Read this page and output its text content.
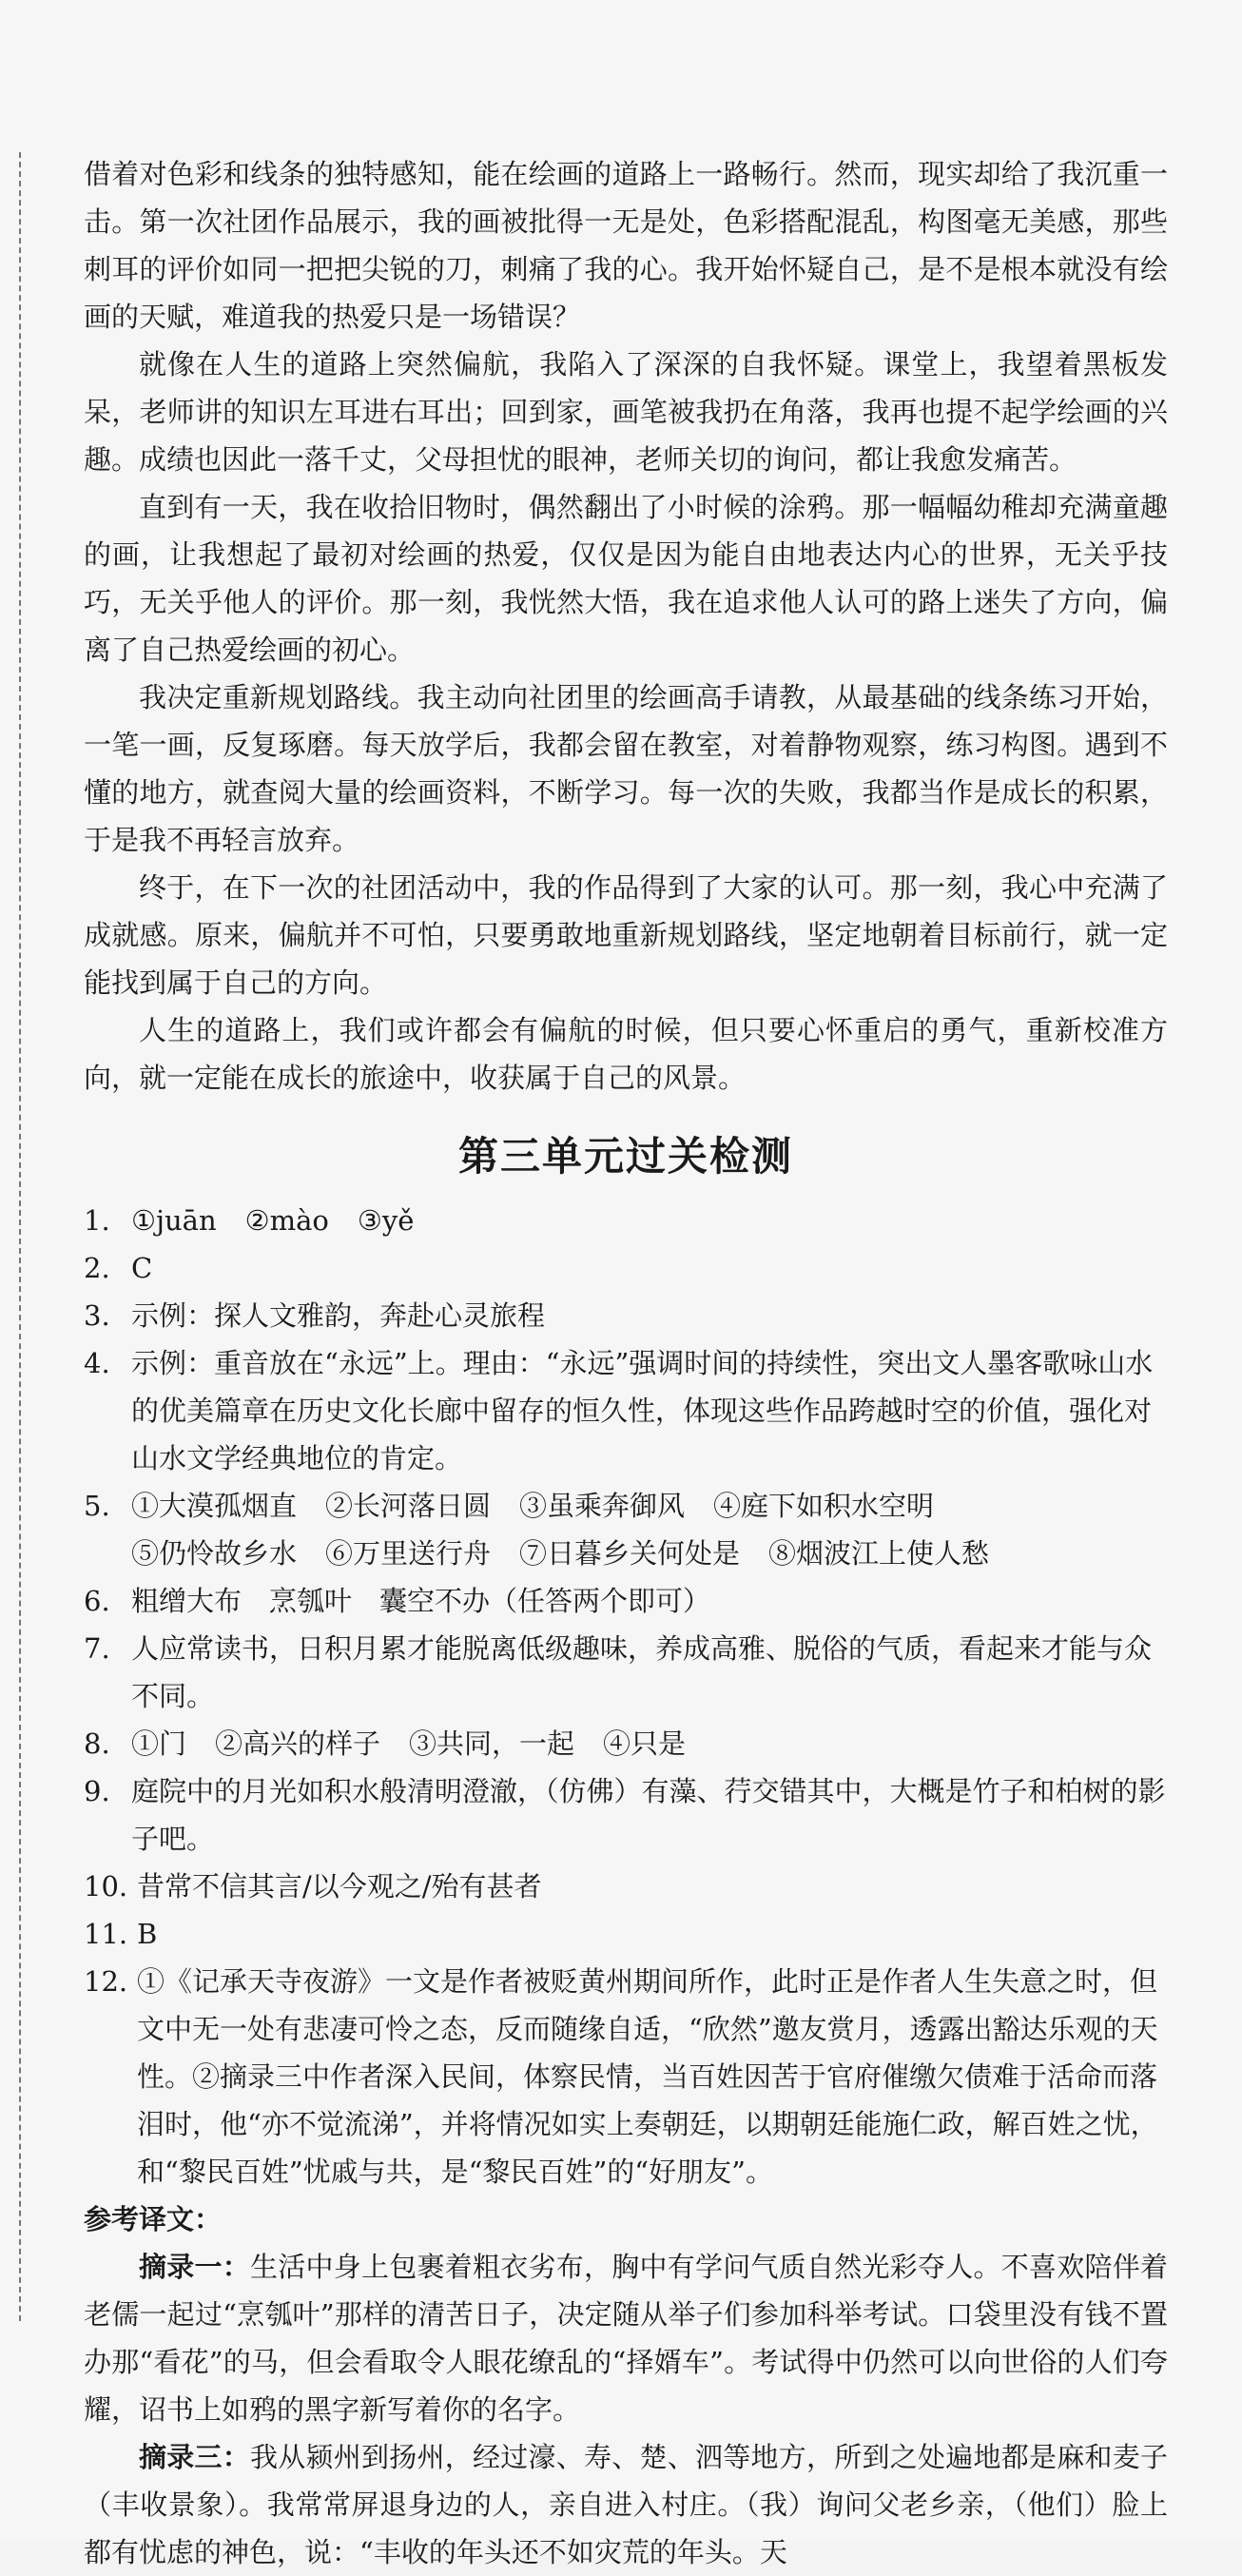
借着对色彩和线条的独特感知，能在绘画的道路上一路畅行。然而，现实却给了我沉重一击。第一次社团作品展示，我的画被批得一无是处，色彩搭配混乱，构图毫无美感，那些刺耳的评价如同一把把尖锐的刀，刺痛了我的心。我开始怀疑自己，是不是根本就没有绘画的天赋，难道我的热爱只是一场错误？

就像在人生的道路上突然偏航，我陷入了深深的自我怀疑。课堂上，我望着黑板发呆，老师讲的知识左耳进右耳出；回到家，画笔被我扔在角落，我再也提不起学绘画的兴趣。成绩也因此一落千丈，父母担忧的眼神，老师关切的询问，都让我愈发痛苦。

直到有一天，我在收拾旧物时，偶然翻出了小时候的涂鸦。那一幅幅幼稚却充满童趣的画，让我想起了最初对绘画的热爱，仅仅是因为能自由地表达内心的世界，无关乎技巧，无关乎他人的评价。那一刻，我恍然大悟，我在追求他人认可的路上迷失了方向，偏离了自己热爱绘画的初心。

我决定重新规划路线。我主动向社团里的绘画高手请教，从最基础的线条练习开始，一笔一画，反复琢磨。每天放学后，我都会留在教室，对着静物观察，练习构图。遇到不懂的地方，就查阅大量的绘画资料，不断学习。每一次的失败，我都当作是成长的积累，于是我不再轻言放弃。

终于，在下一次的社团活动中，我的作品得到了大家的认可。那一刻，我心中充满了成就感。原来，偏航并不可怕，只要勇敢地重新规划路线，坚定地朝着目标前行，就一定能找到属于自己的方向。

人生的道路上，我们或许都会有偏航的时候，但只要心怀重启的勇气，重新校准方向，就一定能在成长的旅途中，收获属于自己的风景。

第三单元过关检测
1. ①juān ②mào ③yě
2. C
3. 示例：探人文雅韵，奔赴心灵旅程
4. 示例：重音放在“永远”上。理由：“永远”强调时间的持续性，突出文人墨客歌咏山水的优美篇章在历史文化长廊中留存的恒久性，体现这些作品跨越时空的价值，强化对山水文学经典地位的肯定。
5. ①大漠孤烟直 ②长河落日圆 ③虽乘奔御风 ④庭下如积水空明
⑤仍怜故乡水 ⑥万里送行舟 ⑦日暮乡关何处是 ⑧烟波江上使人愁
6. 粗缯大布　烹瓠叶　囊空不办（任答两个即可）
7. 人应常读书，日积月累才能脱离低级趣味，养成高雅、脱俗的气质，看起来才能与众不同。
8. ①门 ②高兴的样子 ③共同，一起 ④只是
9. 庭院中的月光如积水般清明澄澈，（仿佛）有藻、荇交错其中，大概是竹子和柏树的影子吧。
10. 昔常不信其言/以今观之/殆有甚者
11. B
12. ①《记承天寺夜游》一文是作者被贬黄州期间所作，此时正是作者人生失意之时，但文中无一处有悲凄可怜之态，反而随缘自适，“欣然”邀友赏月，透露出豁达乐观的天性。②摘录三中作者深入民间，体察民情，当百姓因苦于官府催缴欠债难于活命而落泪时，他“亦不觉流涕”，并将情况如实上奏朝廷，以期朝廷能施仁政，解百姓之忧，和“黎民百姓”忧戚与共，是“黎民百姓”的“好朋友”。
参考译文：

摘录一：生活中身上包裹着粗衣劣布，胸中有学问气质自然光彩夺人。不喜欢陪伴着老儒一起过“烹瓠叶”那样的清苦日子，决定随从举子们参加科举考试。口袋里没有钱不置办那“看花”的马，但会看取令人眼花缭乱的“择婿车”。考试得中仍然可以向世俗的人们夸耀，诏书上如鸦的黑字新写着你的名字。

摘录三：我从颍州到扬州，经过濠、寿、楚、泗等地方，所到之处遍地都是麻和麦子（丰收景象）。我常常屏退身边的人，亲自进入村庄。（我）询问父老乡亲，（他们）脸上都有忧虑的神色，说：“丰收的年头还不如灾荒的年头。天
